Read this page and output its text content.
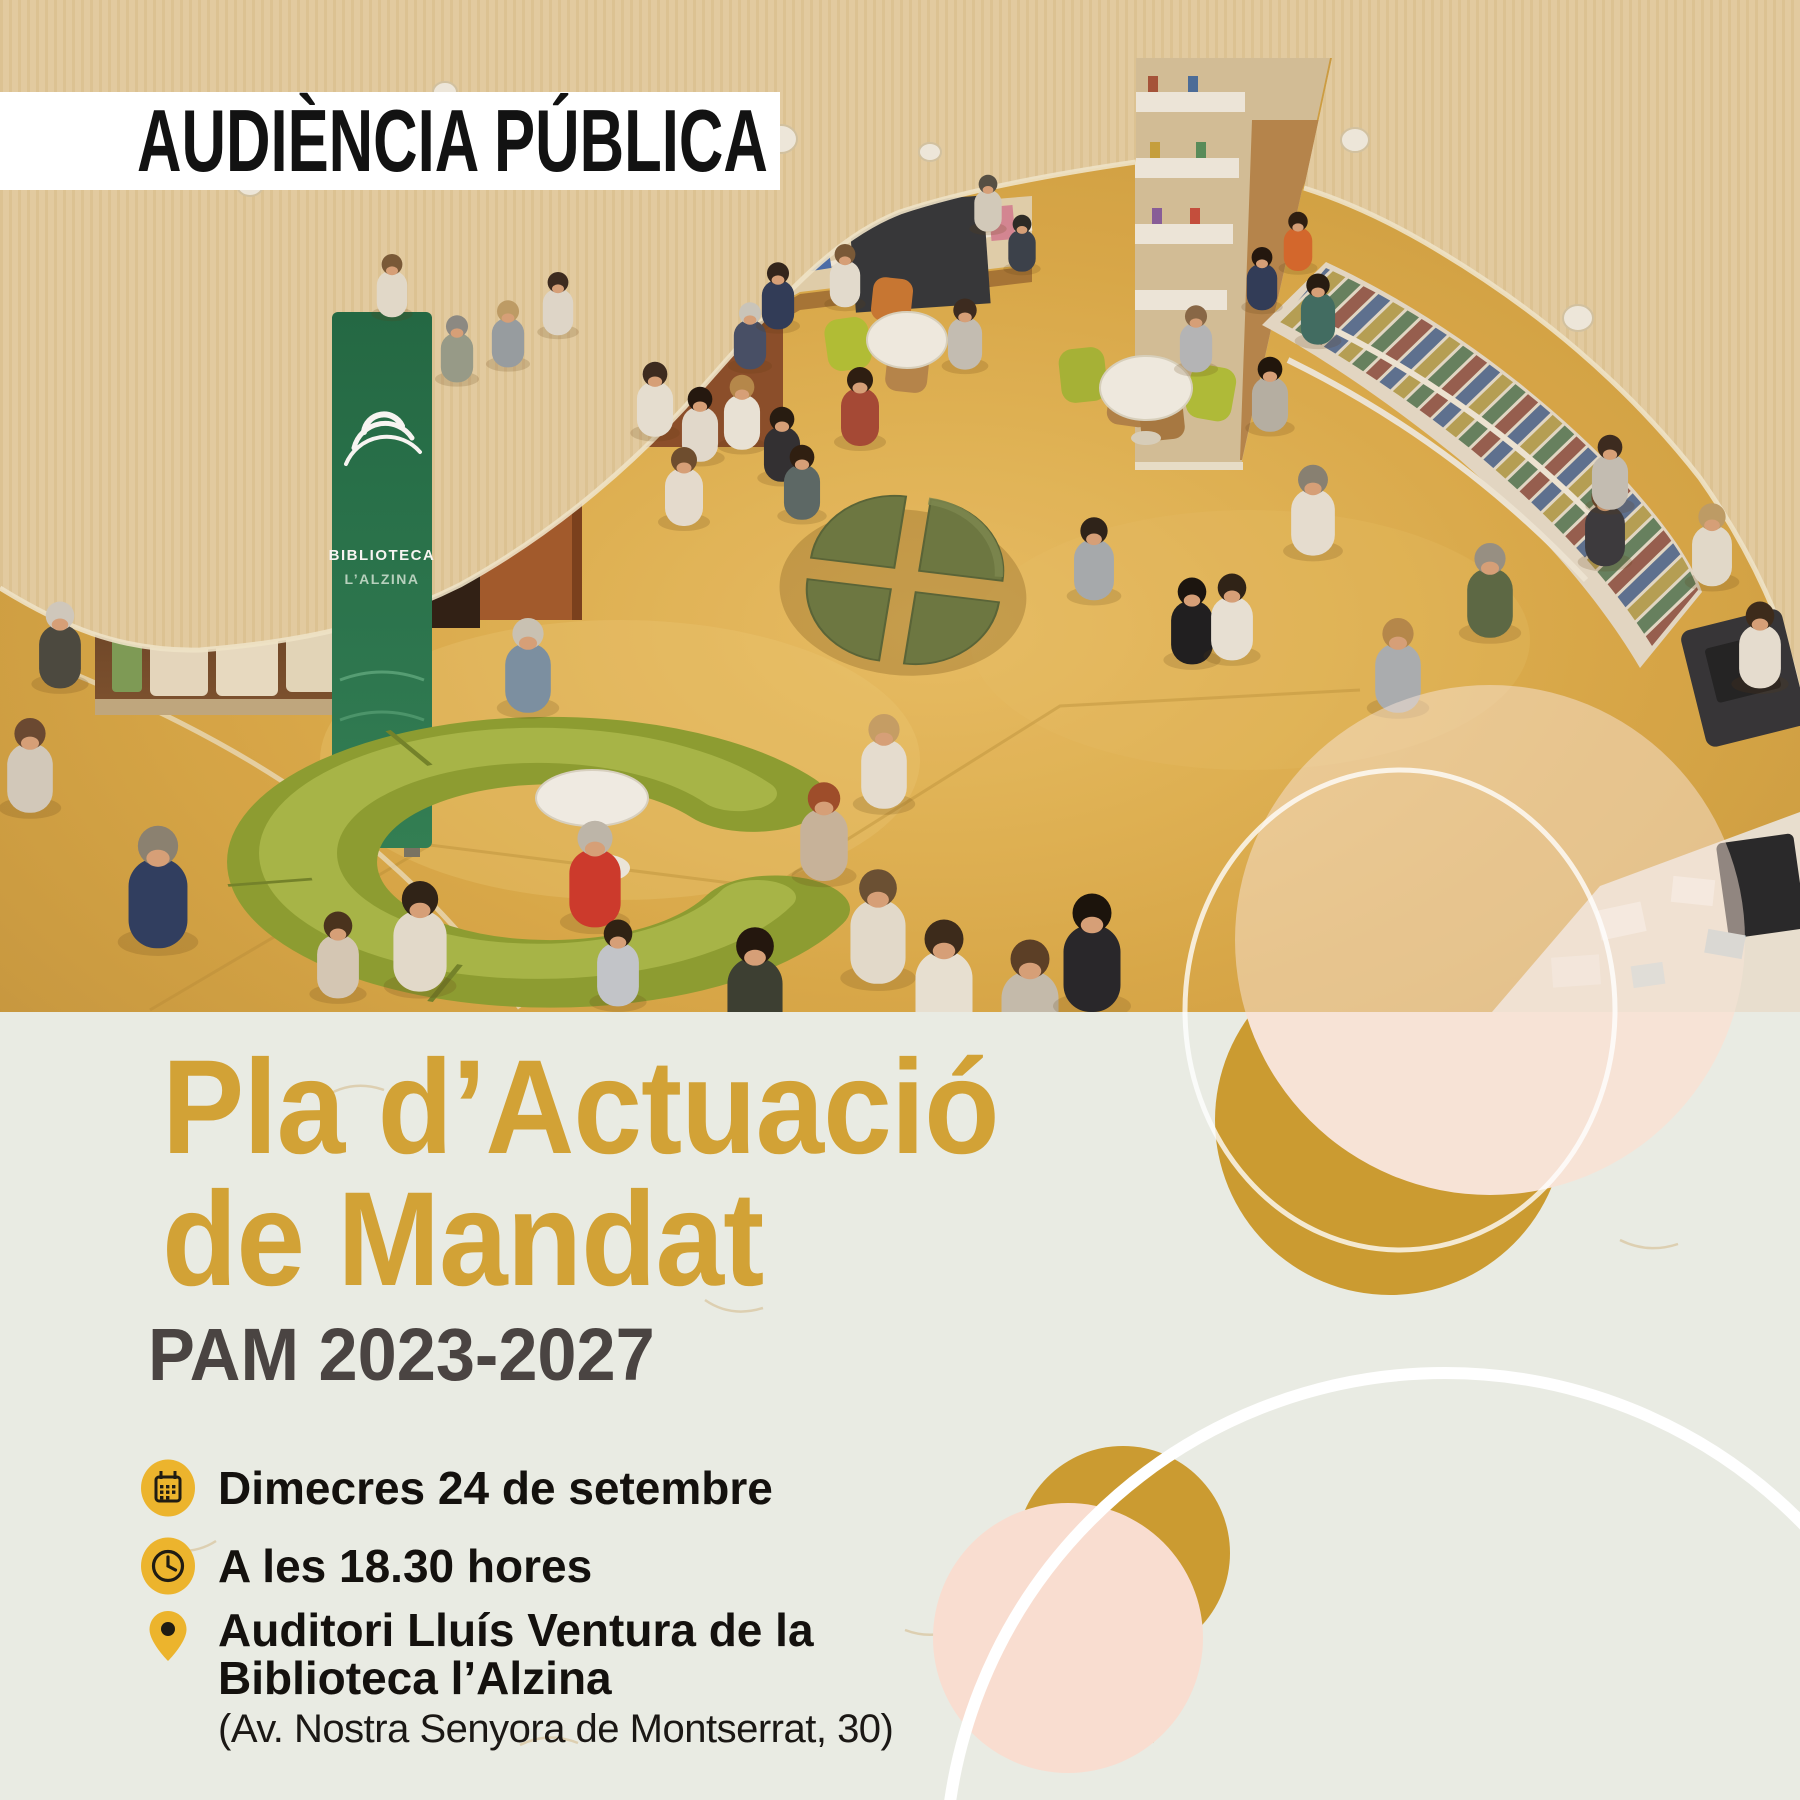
AUDIÈNCIA PÚBLICA
Pla d’Actuació
de Mandat
PAM 2023-2027
Dimecres 24 de setembre
A les 18.30 hores
Auditori Lluís Ventura de la
Biblioteca l’Alzina
(Av. Nostra Senyora de Montserrat, 30)
